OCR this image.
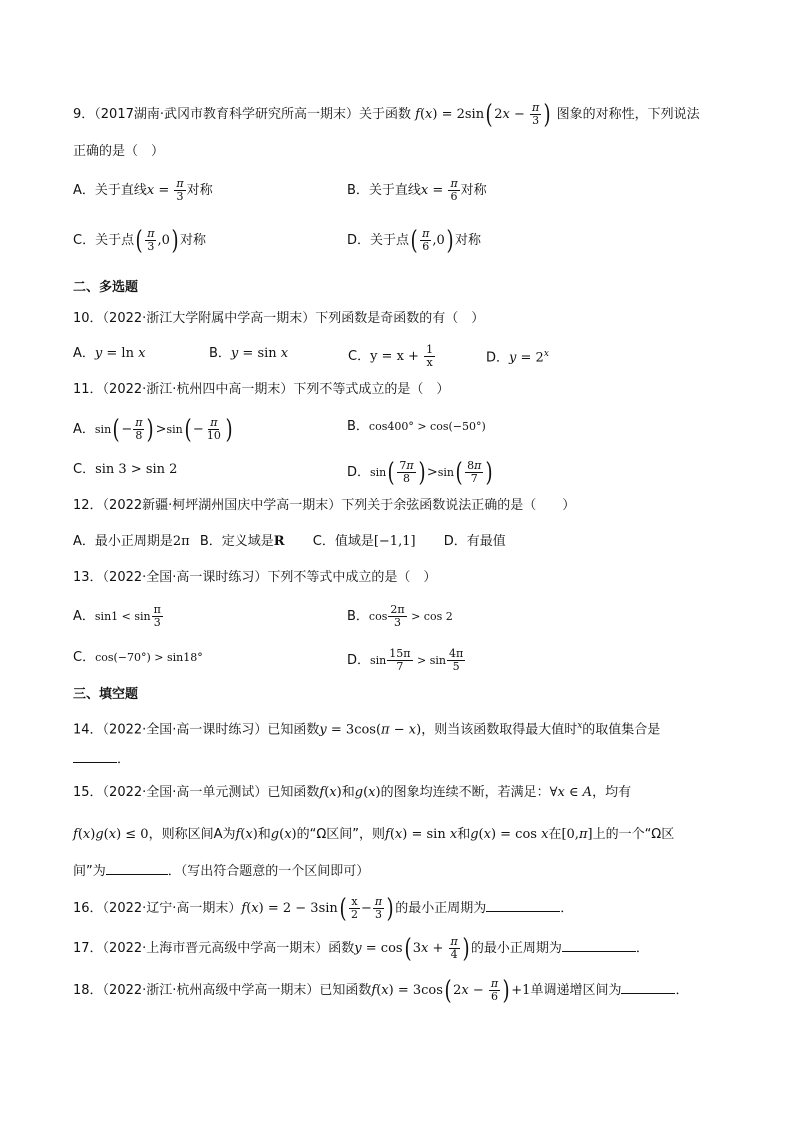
9．（2017湖南·武冈市教育科学研究所高一期末）关于函数 f(x) = 2sin( $2x - \frac{\pi}{3}$ ) 图象的对称性，下列说法
正确的是（　）
A．关于直线$x = \frac{\pi}{3}$ 对称	B．关于直线$x = \frac{\pi}{6}$ 对称
C．关于点( $\frac{\pi}{3} ,0$) 对称	D．关于点( $\frac{\pi}{6} ,0$) 对称
二、多选题
10．（2022·浙江大学附属中学高一期末）下列函数是奇函数的有（　）
A．y = ln x	B．y = sin x	C．$y = x + \frac{1}{x}$	D．$y = 2^x$
11．（2022·浙江·杭州四中高一期末）下列不等式成立的是（　）
A．$\sin( - \frac{\pi}{8}$ ) $>\sin( - \frac{\pi}{10}$ )	B．cos400° > cos(−50°)
C．sin 3 > sin 2	D．$\sin( \frac{7\pi}{8}$ ) $>\sin( \frac{8\pi}{7}$ )
12．（2022新疆·柯坪湖州国庆中学高一期末）下列关于余弦函数说法正确的是（　　）
A．最小正周期是2π B．定义域是R C．值域是[−1,1] D．有最值
13．（2022·全国·高一课时练习）下列不等式中成立的是（　）
A．$\sin 1 < \sin \frac{\pi}{3}$	B．$\cos \frac{2\pi}{3} > \cos 2$
C．cos(−70°) > sin18°	D．$\sin \frac{15\pi}{7} > \sin \frac{4\pi}{5}$
三、填空题
14．（2022·全国·高一课时练习）已知函数y = 3cos(π − x)，则当该函数取得最大值时$^x$的取值集合是
．
15．（2022·全国·高一单元测试）已知函数f(x)和g(x)的图象均连续不断，若满足：∀x ∈ A，均有
f(x)g(x) ≤ 0，则称区间A为f(x)和g(x)的“Ω区间”，则f(x) = sin x和g(x) = cos x在[0,π]上的一个“Ω区
间”为	．（写出符合题意的一个区间即可）
16．（2022·辽宁·高一期末）$f(x) = 2 - 3\sin( \frac{x}{2} - \frac{\pi}{3}$ ) 的最小正周期为	．
17．（2022·上海市晋元高级中学高一期末）函数y = cos( $3x + \frac{\pi}{4}$ ) 的最小正周期为	．
18．（2022·浙江·杭州高级中学高一期末）已知函数f(x) = 3cos( $2x - \frac{\pi}{6}$ ) +1单调递增区间为	．
